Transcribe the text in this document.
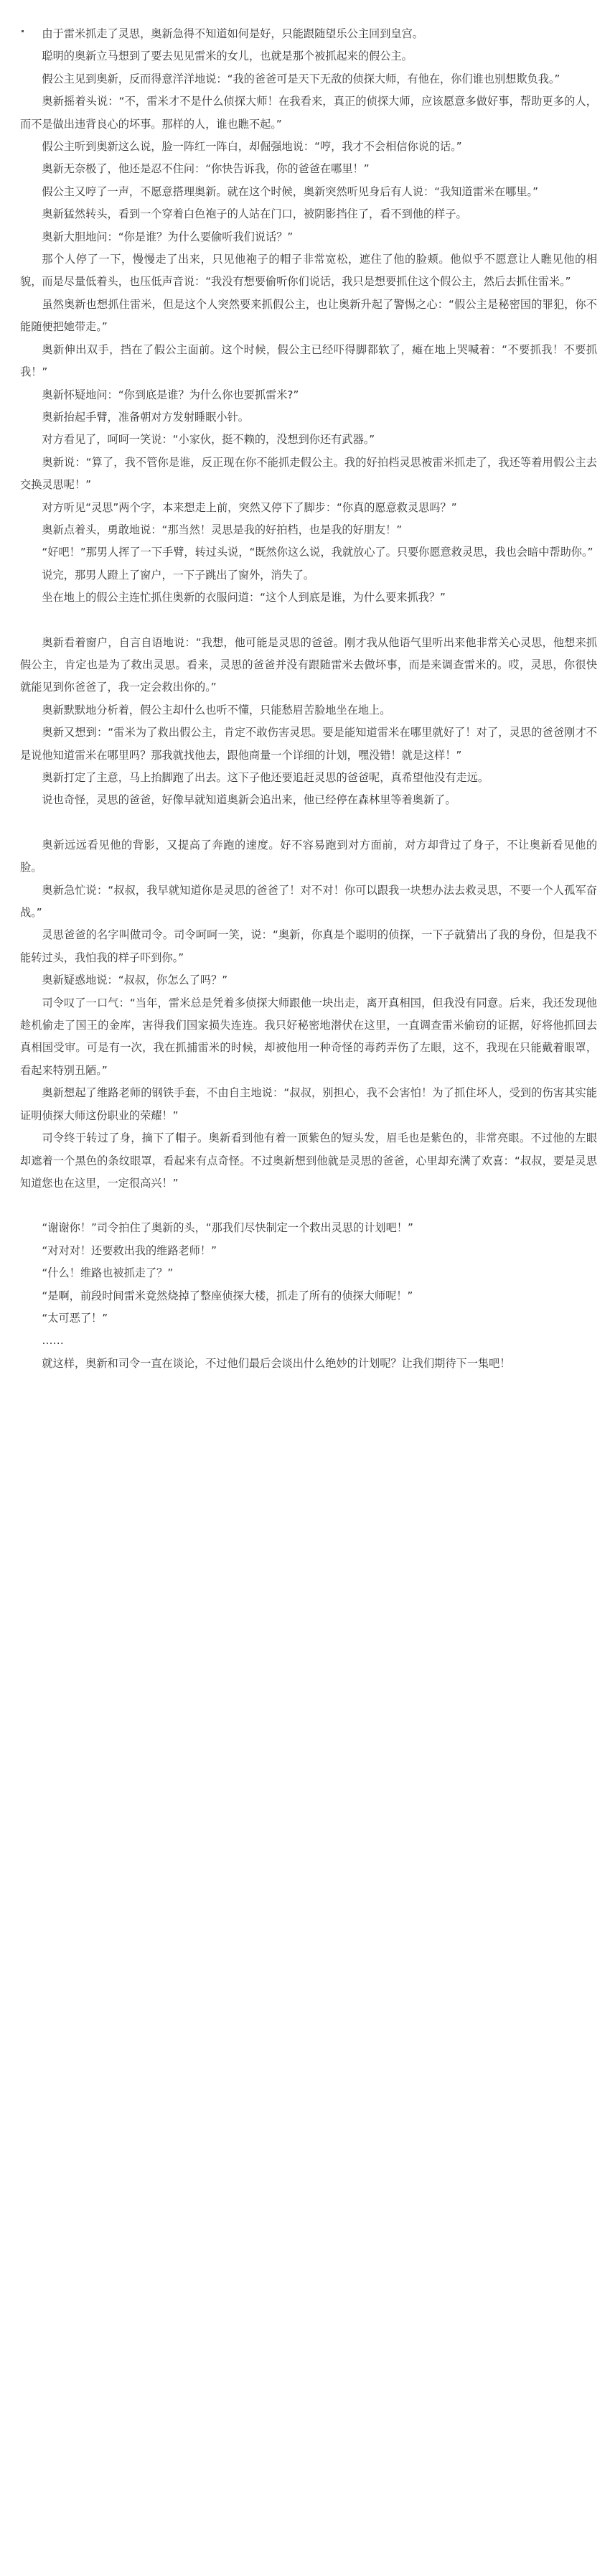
由于雷米抓走了灵思，奥新急得不知道如何是好，只能跟随望乐公主回到皇宫。

聪明的奥新立马想到了要去见见雷米的女儿，也就是那个被抓起来的假公主。

假公主见到奥新，反而得意洋洋地说：“我的爸爸可是天下无敌的侦探大师，有他在，你们谁也别想欺负我。”

奥新摇着头说：“不，雷米才不是什么侦探大师！在我看来，真正的侦探大师，应该愿意多做好事，帮助更多的人，而不是做出违背良心的坏事。那样的人，谁也瞧不起。”

假公主听到奥新这么说，脸一阵红一阵白，却倔强地说：“哼，我才不会相信你说的话。”

奥新无奈极了，他还是忍不住问：“你快告诉我，你的爸爸在哪里！”

假公主又哼了一声，不愿意搭理奥新。就在这个时候，奥新突然听见身后有人说：“我知道雷米在哪里。”

奥新猛然转头，看到一个穿着白色袍子的人站在门口，被阴影挡住了，看不到他的样子。

奥新大胆地问：“你是谁？为什么要偷听我们说话？”

那个人停了一下，慢慢走了出来，只见他袍子的帽子非常宽松，遮住了他的脸颊。他似乎不愿意让人瞧见他的相貌，而是尽量低着头，也压低声音说：“我没有想要偷听你们说话，我只是想要抓住这个假公主，然后去抓住雷米。”

虽然奥新也想抓住雷米，但是这个人突然要来抓假公主，也让奥新升起了警惕之心：“假公主是秘密国的罪犯，你不能随便把她带走。”

奥新伸出双手，挡在了假公主面前。这个时候，假公主已经吓得脚都软了，瘫在地上哭喊着：“不要抓我！不要抓我！”

奥新怀疑地问：“你到底是谁？为什么你也要抓雷米?”

奥新抬起手臂，准备朝对方发射睡眠小针。

对方看见了，呵呵一笑说：“小家伙，挺不赖的，没想到你还有武器。”

奥新说：“算了，我不管你是谁，反正现在你不能抓走假公主。我的好拍档灵思被雷米抓走了，我还等着用假公主去交换灵思呢！”

对方听见“灵思”两个字，本来想走上前，突然又停下了脚步：“你真的愿意救灵思吗？”

奥新点着头，勇敢地说：“那当然！灵思是我的好拍档，也是我的好朋友！”

“好吧！”那男人挥了一下手臂，转过头说，“既然你这么说，我就放心了。只要你愿意救灵思，我也会暗中帮助你。”

说完，那男人蹬上了窗户，一下子跳出了窗外，消失了。

坐在地上的假公主连忙抓住奥新的衣服问道：“这个人到底是谁，为什么要来抓我？”

奥新看着窗户，自言自语地说：“我想，他可能是灵思的爸爸。刚才我从他语气里听出来他非常关心灵思，他想来抓假公主，肯定也是为了救出灵思。看来，灵思的爸爸并没有跟随雷米去做坏事，而是来调查雷米的。哎，灵思，你很快就能见到你爸爸了，我一定会救出你的。”

奥新默默地分析着，假公主却什么也听不懂，只能愁眉苦脸地坐在地上。

奥新又想到：“雷米为了救出假公主，肯定不敢伤害灵思。要是能知道雷米在哪里就好了！对了，灵思的爸爸刚才不是说他知道雷米在哪里吗？那我就找他去，跟他商量一个详细的计划，嘿没错！就是这样！”

奥新打定了主意，马上抬脚跑了出去。这下子他还要追赶灵思的爸爸呢，真希望他没有走远。

说也奇怪，灵思的爸爸，好像早就知道奥新会追出来，他已经停在森林里等着奥新了。

奥新远远看见他的背影，又提高了奔跑的速度。好不容易跑到对方面前，对方却背过了身子，不让奥新看见他的脸。

奥新急忙说：“叔叔，我早就知道你是灵思的爸爸了！对不对！你可以跟我一块想办法去救灵思，不要一个人孤军奋战。”

灵思爸爸的名字叫做司令。司令呵呵一笑，说：“奥新，你真是个聪明的侦探，一下子就猜出了我的身份，但是我不能转过头，我怕我的样子吓到你。”

奥新疑惑地说：“叔叔，你怎么了吗？”

司令叹了一口气：“当年，雷米总是凭着多侦探大师跟他一块出走，离开真相国，但我没有同意。后来，我还发现他趁机偷走了国王的金库，害得我们国家损失连连。我只好秘密地潜伏在这里，一直调查雷米偷窃的证据，好将他抓回去真相国受审。可是有一次，我在抓捕雷米的时候，却被他用一种奇怪的毒药弄伤了左眼，这不，我现在只能戴着眼罩，看起来特别丑陋。”

奥新想起了维路老师的钢铁手套，不由自主地说：“叔叔，别担心，我不会害怕！为了抓住坏人，受到的伤害其实能证明侦探大师这份职业的荣耀！”

司令终于转过了身，摘下了帽子。奥新看到他有着一顶紫色的短头发，眉毛也是紫色的，非常亮眼。不过他的左眼却遮着一个黑色的条纹眼罩，看起来有点奇怪。不过奥新想到他就是灵思的爸爸，心里却充满了欢喜：“叔叔，要是灵思知道您也在这里，一定很高兴！”

“谢谢你！”司令拍住了奥新的头，“那我们尽快制定一个救出灵思的计划吧！”

“对对对！还要救出我的维路老师！”

“什么！维路也被抓走了？”

“是啊，前段时间雷米竟然烧掉了整座侦探大楼，抓走了所有的侦探大师呢！”

“太可恶了！”

……

就这样，奥新和司令一直在谈论，不过他们最后会谈出什么绝妙的计划呢？让我们期待下一集吧！
